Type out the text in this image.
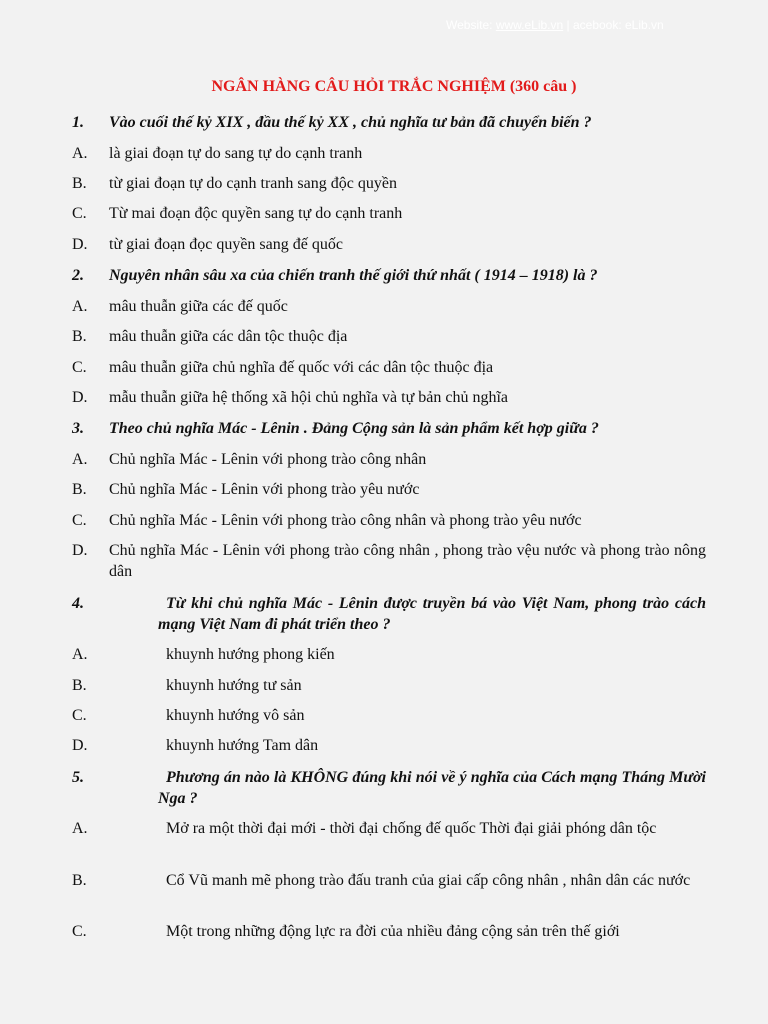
Website: www.eLib.vn | acebook: eLib.vn
NGÂN HÀNG CÂU HỎI TRẮC NGHIỆM (360 câu )
1.	Vào cuối thế kỷ XIX , đầu thế kỷ XX , chủ nghĩa tư bản đã chuyển biến ?
A.	là giai đoạn tự do sang tự do cạnh tranh
B.	từ giai đoạn tự do cạnh tranh sang độc quyền
C.	Từ mai đoạn độc quyền sang tự do cạnh tranh
D.	từ giai đoạn đọc quyền sang đế quốc
2.	Nguyên nhân sâu xa của chiến tranh thế giới thứ nhất ( 1914 – 1918) là ?
A.	mâu thuẫn giữa các đế quốc
B.	mâu thuẫn giữa các dân tộc thuộc địa
C.	mâu thuẫn giữa chủ nghĩa đế quốc với các dân tộc thuộc địa
D.	mẫu thuẫn giữa hệ thống xã hội chủ nghĩa và tự bản chủ nghĩa
3.	Theo chủ nghĩa Mác - Lênin . Đảng Cộng sản là sản phẩm kết hợp giữa ?
A.	Chủ nghĩa Mác - Lênin với phong trào công nhân
B.	Chủ nghĩa Mác - Lênin với phong trào yêu nước
C.	Chủ nghĩa Mác - Lênin với phong trào công nhân và phong trào yêu nước
D.	Chủ nghĩa Mác - Lênin với phong trào công nhân , phong trào vệu nước và phong trào nông dân
4.	Từ khi chủ nghĩa Mác - Lênin được truyền bá vào Việt Nam, phong trào cách mạng Việt Nam đi phát triển theo ?
A.	khuynh hướng phong kiến
B.	khuynh hướng tư sản
C.	khuynh hướng vô sản
D.	khuynh hướng Tam dân
5.	Phương án nào là KHÔNG đúng khi nói về ý nghĩa của Cách mạng Tháng Mười Nga ?
A.	Mở ra một thời đại mới - thời đại chống đế quốc Thời đại giải phóng dân tộc
B.	Cổ Vũ manh mẽ phong trào đấu tranh của giai cấp công nhân , nhân dân các nước
C.	Một trong những động lực ra đời của nhiều đảng cộng sản trên thế giới
